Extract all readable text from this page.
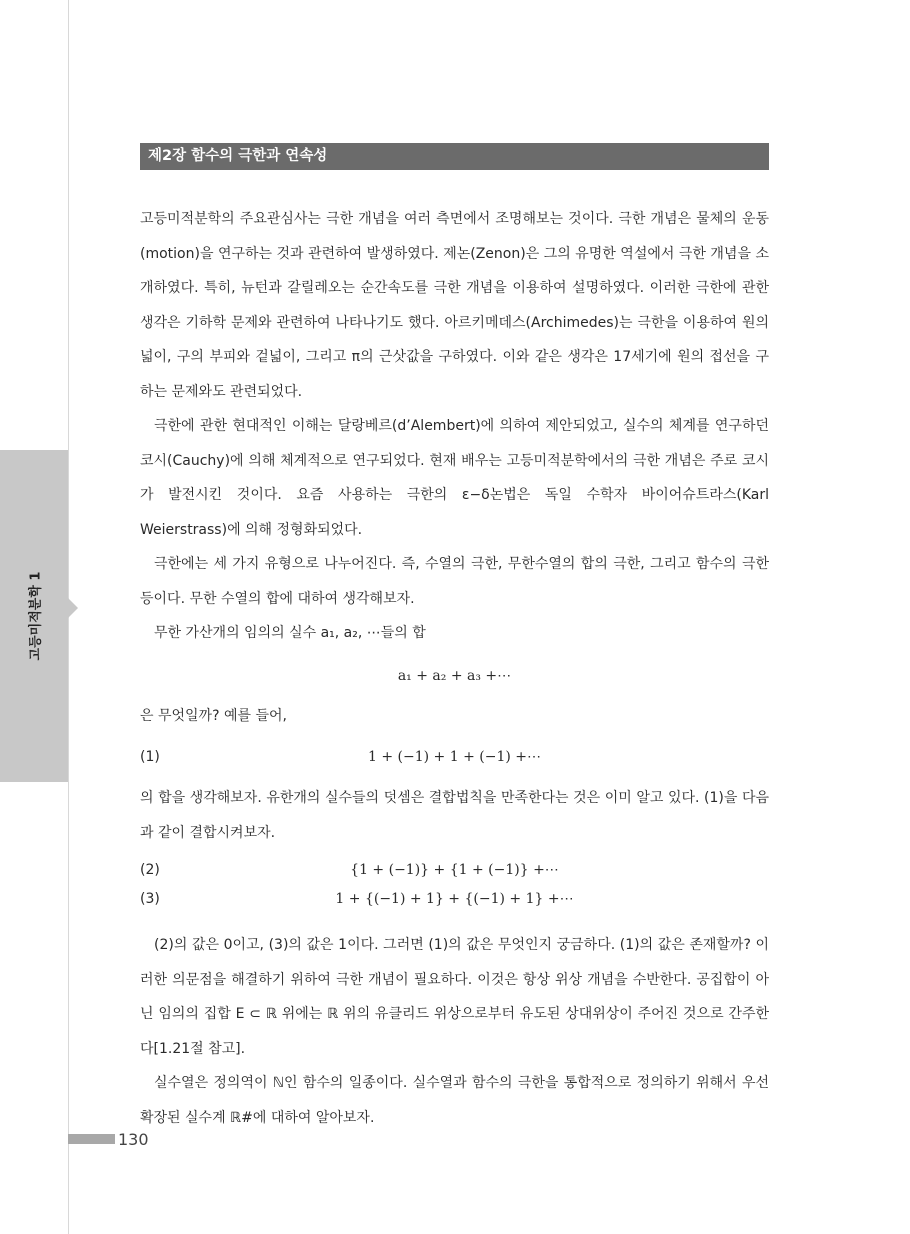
고등미적분학 1
제2장 함수의 극한과 연속성

고등미적분학의 주요관심사는 극한 개념을 여러 측면에서 조명해보는 것이다. 극한 개념은 물체의 운동(motion)을 연구하는 것과 관련하여 발생하였다. 제논(Zenon)은 그의 유명한 역설에서 극한 개념을 소개하였다. 특히, 뉴턴과 갈릴레오는 순간속도를 극한 개념을 이용하여 설명하였다. 이러한 극한에 관한 생각은 기하학 문제와 관련하여 나타나기도 했다. 아르키메데스(Archimedes)는 극한을 이용하여 원의 넓이, 구의 부피와 겉넓이, 그리고 π의 근삿값을 구하였다. 이와 같은 생각은 17세기에 원의 접선을 구하는 문제와도 관련되었다.

극한에 관한 현대적인 이해는 달랑베르(d’Alembert)에 의하여 제안되었고, 실수의 체계를 연구하던 코시(Cauchy)에 의해 체계적으로 연구되었다. 현재 배우는 고등미적분학에서의 극한 개념은 주로 코시가 발전시킨 것이다. 요즘 사용하는 극한의 ε−δ논법은 독일 수학자 바이어슈트라스(Karl Weierstrass)에 의해 정형화되었다.

극한에는 세 가지 유형으로 나누어진다. 즉, 수열의 극한, 무한수열의 합의 극한, 그리고 함수의 극한 등이다. 무한 수열의 합에 대하여 생각해보자.

무한 가산개의 임의의 실수 a₁, a₂, ⋯들의 합

a₁ + a₂ + a₃ +⋯

은 무엇일까? 예를 들어,

(1)	1 + (−1) + 1 + (−1) +⋯

의 합을 생각해보자. 유한개의 실수들의 덧셈은 결합법칙을 만족한다는 것은 이미 알고 있다. (1)을 다음과 같이 결합시켜보자.

(2)	{1 + (−1)} + {1 + (−1)} +⋯
(3)	1 + {(−1) + 1} + {(−1) + 1} +⋯

(2)의 값은 0이고, (3)의 값은 1이다. 그러면 (1)의 값은 무엇인지 궁금하다. (1)의 값은 존재할까? 이러한 의문점을 해결하기 위하여 극한 개념이 필요하다. 이것은 항상 위상 개념을 수반한다. 공집합이 아닌 임의의 집합 E ⊂ ℝ 위에는 ℝ 위의 유클리드 위상으로부터 유도된 상대위상이 주어진 것으로 간주한다[1.21절 참고].

실수열은 정의역이 ℕ인 함수의 일종이다. 실수열과 함수의 극한을 통합적으로 정의하기 위해서 우선 확장된 실수계 ℝ#에 대하여 알아보자.

130
